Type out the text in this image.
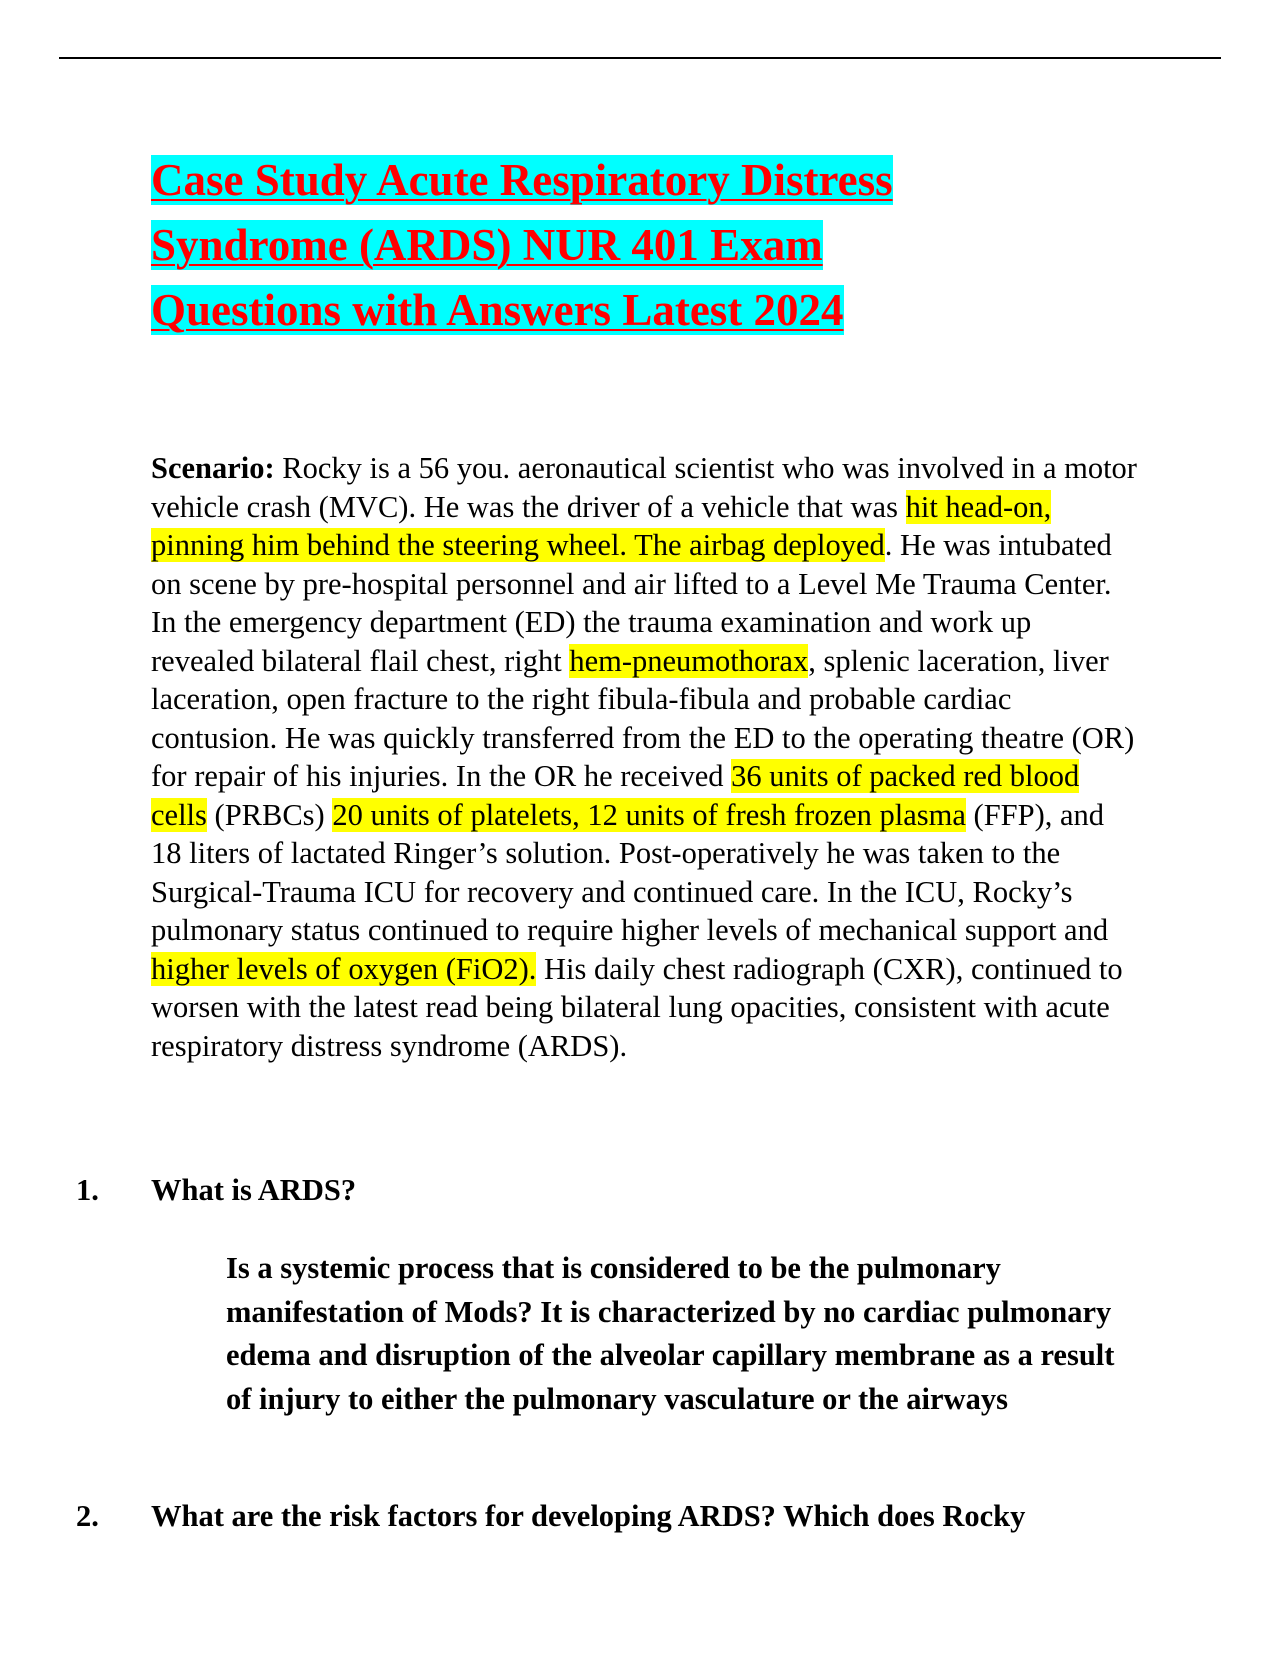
Case Study Acute Respiratory Distress
Syndrome (ARDS) NUR 401 Exam
Questions with Answers Latest 2024

Scenario: Rocky is a 56 you. aeronautical scientist who was involved in a motor vehicle crash (MVC). He was the driver of a vehicle that was hit head-on, pinning him behind the steering wheel. The airbag deployed. He was intubated on scene by pre-hospital personnel and air lifted to a Level Me Trauma Center. In the emergency department (ED) the trauma examination and work up revealed bilateral flail chest, right hem-pneumothorax, splenic laceration, liver laceration, open fracture to the right fibula-fibula and probable cardiac contusion. He was quickly transferred from the ED to the operating theatre (OR) for repair of his injuries. In the OR he received 36 units of packed red blood cells (PRBCs) 20 units of platelets, 12 units of fresh frozen plasma (FFP), and 18 liters of lactated Ringer’s solution. Post-operatively he was taken to the Surgical-Trauma ICU for recovery and continued care. In the ICU, Rocky’s pulmonary status continued to require higher levels of mechanical support and higher levels of oxygen (FiO2). His daily chest radiograph (CXR), continued to worsen with the latest read being bilateral lung opacities, consistent with acute respiratory distress syndrome (ARDS).

1. What is ARDS?

Is a systemic process that is considered to be the pulmonary manifestation of Mods? It is characterized by no cardiac pulmonary edema and disruption of the alveolar capillary membrane as a result of injury to either the pulmonary vasculature or the airways

2. What are the risk factors for developing ARDS? Which does Rocky
